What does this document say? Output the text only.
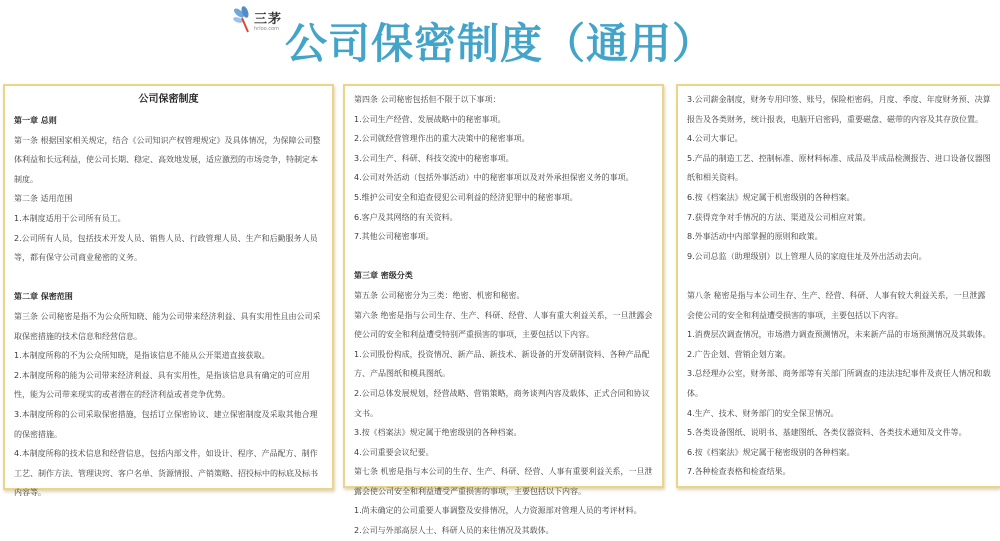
三茅
hrloo.com 公司保密制度（通用）

公司保密制度

第一章 总则

第一条 根据国家相关规定，结合《公司知识产权管理规定》及具体情况，为保障公司整体利益和长远利益，使公司长期、稳定、高效地发展，适应激烈的市场竞争，特制定本制度。

第二条 适用范围

1.本制度适用于公司所有员工。

2.公司所有人员，包括技术开发人员、销售人员、行政管理人员、生产和后勤服务人员等，都有保守公司商业秘密的义务。

第二章 保密范围

第三条 公司秘密是指不为公众所知晓、能为公司带来经济利益、具有实用性且由公司采取保密措施的技术信息和经营信息。

1.本制度所称的不为公众所知晓，是指该信息不能从公开渠道直接获取。

2.本制度所称的能为公司带来经济利益、具有实用性，是指该信息具有确定的可应用性，能为公司带来现实的或者潜在的经济利益或者竞争优势。

3.本制度所称的公司采取保密措施，包括订立保密协议、建立保密制度及采取其他合理的保密措施。

4.本制度所称的技术信息和经营信息，包括内部文件，如设计、程序、产品配方、制作工艺、制作方法、管理诀窍、客户名单、货源情报、产销策略、招投标中的标底及标书内容等。

第四条 公司秘密包括但不限于以下事项：

1.公司生产经营、发展战略中的秘密事项。

2.公司就经营管理作出的重大决策中的秘密事项。

3.公司生产、科研、科技交流中的秘密事项。

4.公司对外活动（包括外事活动）中的秘密事项以及对外承担保密义务的事项。

5.维护公司安全和追查侵犯公司利益的经济犯罪中的秘密事项。

6.客户及其网络的有关资料。

7.其他公司秘密事项。

第三章 密级分类

第五条 公司秘密分为三类：绝密、机密和秘密。

第六条 绝密是指与公司生存、生产、科研、经营、人事有重大利益关系，一旦泄露会使公司的安全和利益遭受特别严重损害的事项，主要包括以下内容。

1.公司股份构成，投资情况、新产品、新技术、新设备的开发研制资料、各种产品配方、产品图纸和模具图纸。

2.公司总体发展规划，经营战略、营销策略，商务谈判内容及载体、正式合同和协议文书。

3.按《档案法》规定属于绝密级别的各种档案。

4.公司重要会议纪要。

第七条 机密是指与本公司的生存、生产、科研、经营、人事有重要利益关系，一旦泄露会使公司安全和利益遭受严重损害的事项，主要包括以下内容。

1.尚未确定的公司重要人事调整及安排情况，人力资源部对管理人员的考评材料。

2.公司与外部高层人士、科研人员的来往情况及其载体。

3.公司薪金制度，财务专用印签、账号，保险柜密码，月度、季度、年度财务预、决算报告及各类财务，统计报表，电脑开启密码，重要磁盘、磁带的内容及其存放位置。

4.公司大事记。

5.产品的制造工艺、控制标准、原材料标准、成品及半成品检测报告、进口设备仪器图纸和相关资料。

6.按《档案法》规定属于机密级别的各种档案。

7.获得竞争对手情况的方法、渠道及公司相应对策。

8.外事活动中内部掌握的原则和政策。

9.公司总监（助理级别）以上管理人员的家庭住址及外出活动去向。

第八条 秘密是指与本公司生存、生产、经营、科研、人事有较大利益关系，一旦泄露会使公司的安全和利益遭受损害的事项，主要包括以下内容。

1.消费层次调查情况，市场潜力调查预测情况，未来新产品的市场预测情况及其载体。

2.广告企划、营销企划方案。

3.总经理办公室，财务部、商务部等有关部门所调查的违法违纪事件及责任人情况和载体。

4.生产、技术、财务部门的安全保卫情况。

5.各类设备图纸、说明书、基建图纸、各类仪器资料、各类技术通知及文件等。

6.按《档案法》规定属于秘密级别的各种档案。

7.各种检查表格和检查结果。
